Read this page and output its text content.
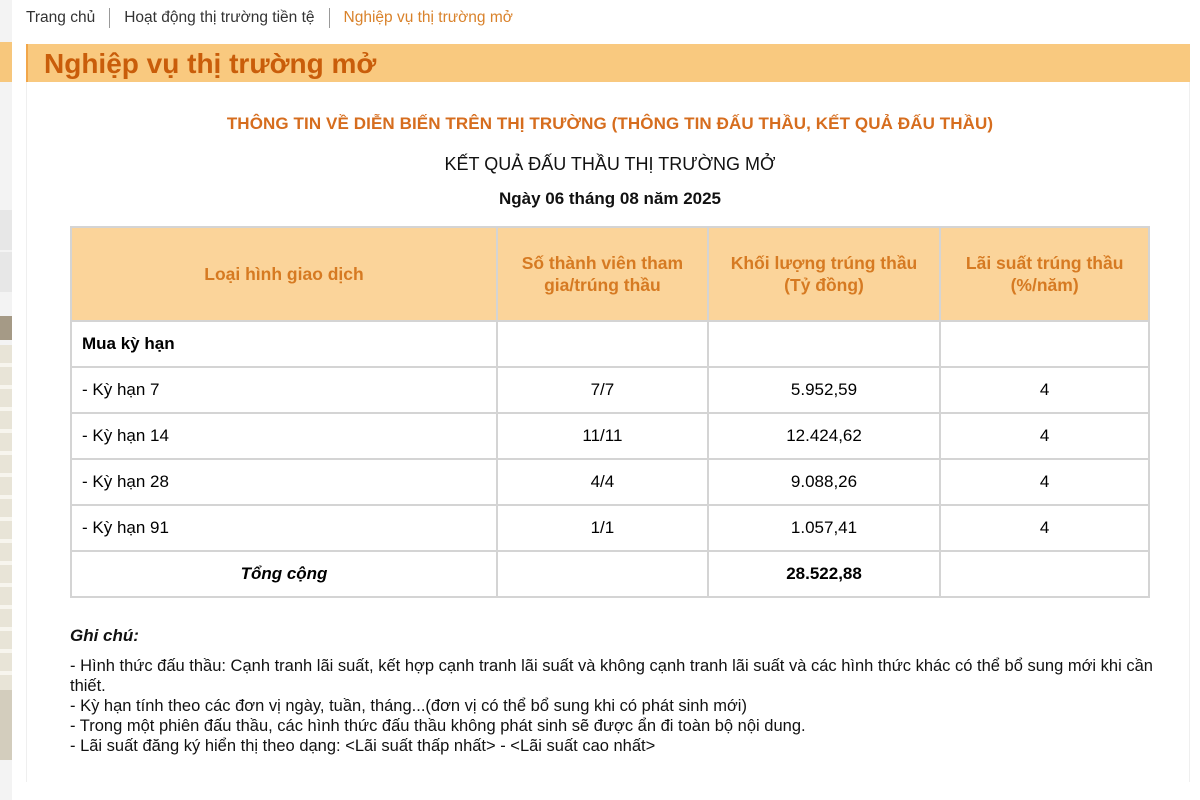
Trang chủ Hoạt động thị trường tiền tệ Nghiệp vụ thị trường mở
Nghiệp vụ thị trường mở
THÔNG TIN VỀ DIỄN BIẾN TRÊN THỊ TRƯỜNG (THÔNG TIN ĐẤU THẦU, KẾT QUẢ ĐẤU THẦU)
KẾT QUẢ ĐẤU THẦU THỊ TRƯỜNG MỞ
Ngày 06 tháng 08 năm 2025
Loại hình giao dịch	Số thành viên tham gia/trúng thầu	Khối lượng trúng thầu (Tỷ đồng)	Lãi suất trúng thầu (%/năm)
Mua kỳ hạn			
- Kỳ hạn 7	7/7	5.952,59	4
- Kỳ hạn 14	11/11	12.424,62	4
- Kỳ hạn 28	4/4	9.088,26	4
- Kỳ hạn 91	1/1	1.057,41	4
Tổng cộng		28.522,88	
Ghi chú:

- Hình thức đấu thầu: Cạnh tranh lãi suất, kết hợp cạnh tranh lãi suất và không cạnh tranh lãi suất và các hình thức khác có thể bổ sung mới khi cần thiết.

- Kỳ hạn tính theo các đơn vị ngày, tuần, tháng...(đơn vị có thể bổ sung khi có phát sinh mới)

- Trong một phiên đấu thầu, các hình thức đấu thầu không phát sinh sẽ được ẩn đi toàn bộ nội dung.

- Lãi suất đăng ký hiển thị theo dạng: <Lãi suất thấp nhất> - <Lãi suất cao nhất>
